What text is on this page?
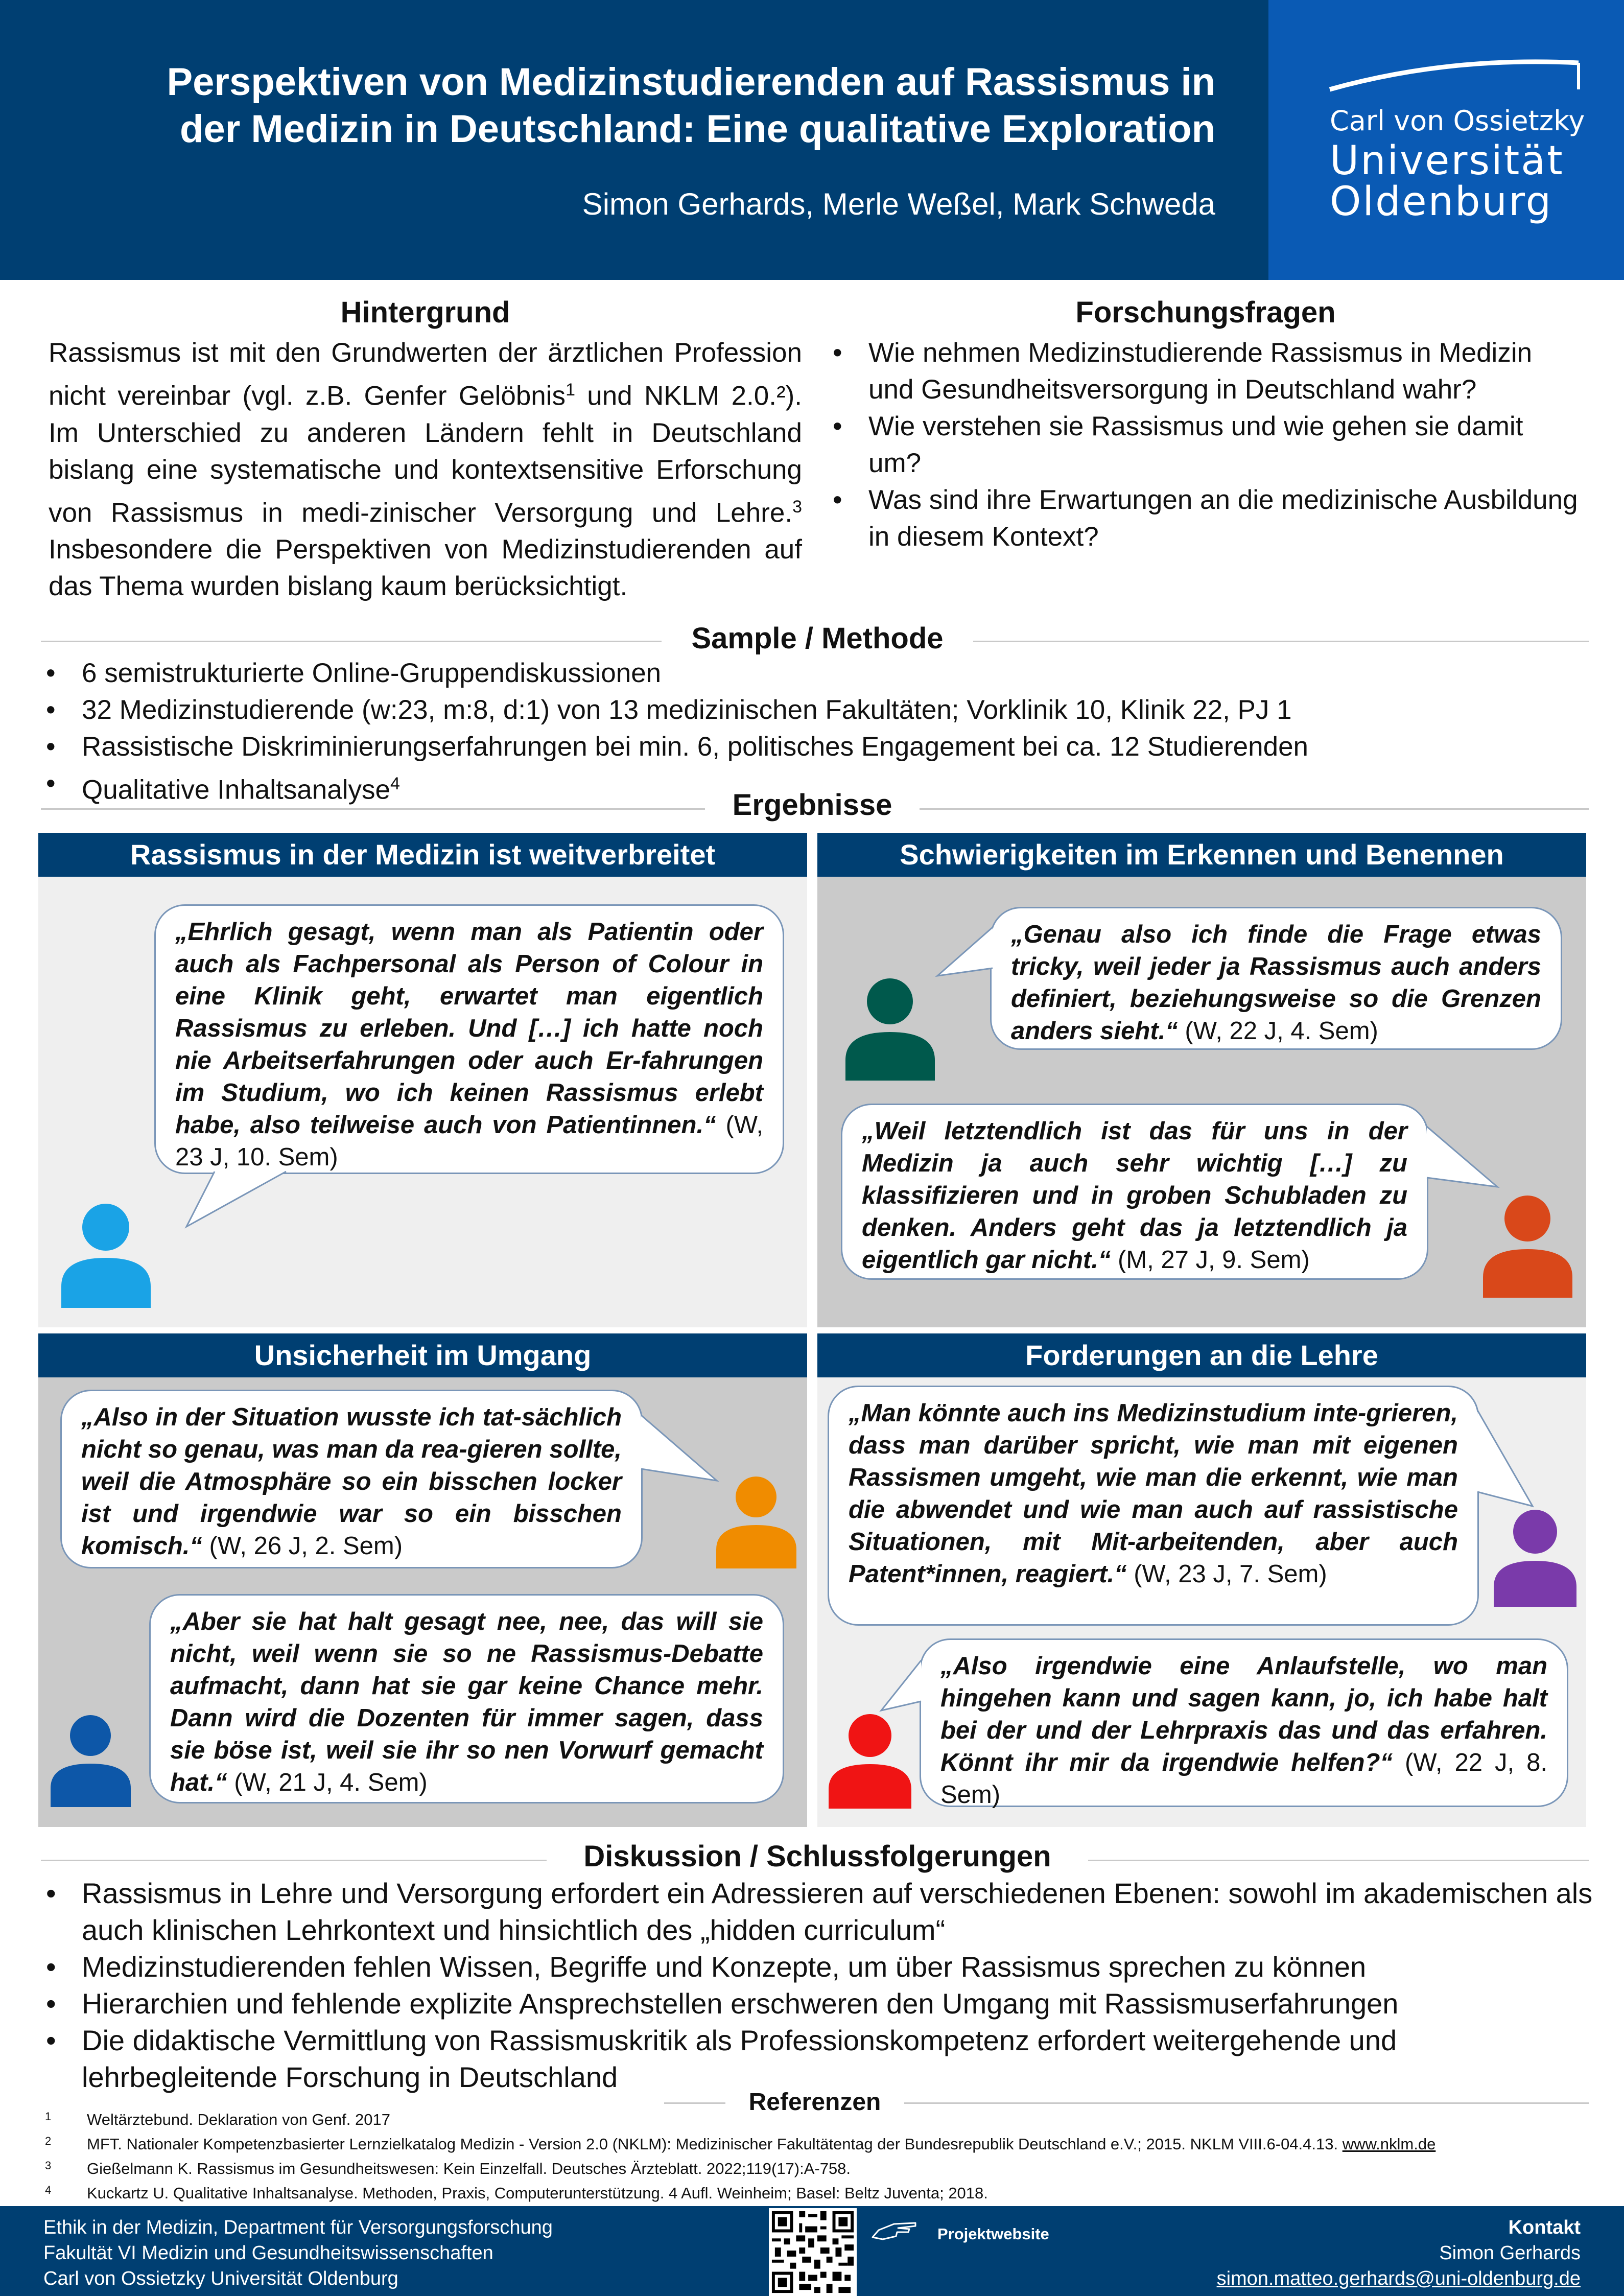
Perspektiven von Medizinstudierenden auf Rassismus in
der Medizin in Deutschland: Eine qualitative Exploration
Simon Gerhards, Merle Weßel, Mark Schweda
Carl von Ossietzky
Universität
Oldenburg
Hintergrund
Rassismus ist mit den Grundwerten der ärztlichen Profession nicht vereinbar (vgl. z.B. Genfer Gelöbnis$^1$ und NKLM 2.0.²). Im Unterschied zu anderen Ländern fehlt in Deutschland bislang eine systematische und kontextsensitive Erforschung von Rassismus in medi-zinischer Versorgung und Lehre.$^3$ Insbesondere die Perspektiven von Medizinstudierenden auf das Thema wurden bislang kaum berücksichtigt.
Forschungsfragen
• Wie nehmen Medizinstudierende Rassismus in Medizin und Gesundheitsversorgung in Deutschland wahr?
• Wie verstehen sie Rassismus und wie gehen sie damit um?
• Was sind ihre Erwartungen an die medizinische Ausbildung in diesem Kontext?
Sample / Methode
• 6 semistrukturierte Online-Gruppendiskussionen
• 32 Medizinstudierende (w:23, m:8, d:1) von 13 medizinischen Fakultäten; Vorklinik 10, Klinik 22, PJ 1
• Rassistische Diskriminierungserfahrungen bei min. 6, politisches Engagement bei ca. 12 Studierenden
• Qualitative Inhaltsanalyse$^4$
Ergebnisse
Rassismus in der Medizin ist weitverbreitet
„Ehrlich gesagt, wenn man als Patientin oder auch als Fachpersonal als Person of Colour in eine Klinik geht, erwartet man eigentlich Rassismus zu erleben. Und […] ich hatte noch nie Arbeitserfahrungen oder auch Er-fahrungen im Studium, wo ich keinen Rassismus erlebt habe, also teilweise auch von Patientinnen.“ (W, 23 J, 10. Sem)
Schwierigkeiten im Erkennen und Benennen
„Genau also ich finde die Frage etwas tricky, weil jeder ja Rassismus auch anders definiert, beziehungsweise so die Grenzen anders sieht.“ (W, 22 J, 4. Sem)
„Weil letztendlich ist das für uns in der Medizin ja auch sehr wichtig […] zu klassifizieren und in groben Schubladen zu denken. Anders geht das ja letztendlich ja eigentlich gar nicht.“ (M, 27 J, 9. Sem)
Unsicherheit im Umgang
„Also in der Situation wusste ich tat-sächlich nicht so genau, was man da rea-gieren sollte, weil die Atmosphäre so ein bisschen locker ist und irgendwie war so ein bisschen komisch.“ (W, 26 J, 2. Sem)
„Aber sie hat halt gesagt nee, nee, das will sie nicht, weil wenn sie so ne Rassismus-Debatte aufmacht, dann hat sie gar keine Chance mehr. Dann wird die Dozenten für immer sagen, dass sie böse ist, weil sie ihr so nen Vorwurf gemacht hat.“ (W, 21 J, 4. Sem)
Forderungen an die Lehre
„Man könnte auch ins Medizinstudium inte-grieren, dass man darüber spricht, wie man mit eigenen Rassismen umgeht, wie man die erkennt, wie man die abwendet und wie man auch auf rassistische Situationen, mit Mit-arbeitenden, aber auch Patent*innen, reagiert.“ (W, 23 J, 7. Sem)
„Also irgendwie eine Anlaufstelle, wo man hingehen kann und sagen kann, jo, ich habe halt bei der und der Lehrpraxis das und das erfahren. Könnt ihr mir da irgendwie helfen?“ (W, 22 J, 8. Sem)
Diskussion / Schlussfolgerungen
• Rassismus in Lehre und Versorgung erfordert ein Adressieren auf verschiedenen Ebenen: sowohl im akademischen als auch klinischen Lehrkontext und hinsichtlich des „hidden curriculum“
• Medizinstudierenden fehlen Wissen, Begriffe und Konzepte, um über Rassismus sprechen zu können
• Hierarchien und fehlende explizite Ansprechstellen erschweren den Umgang mit Rassismuserfahrungen
• Die didaktische Vermittlung von Rassismuskritik als Professionskompetenz erfordert weitergehende und lehrbegleitende Forschung in Deutschland
Referenzen
1 Weltärztebund. Deklaration von Genf. 2017
2 MFT. Nationaler Kompetenzbasierter Lernzielkatalog Medizin - Version 2.0 (NKLM): Medizinischer Fakultätentag der Bundesrepublik Deutschland e.V.; 2015. NKLM VIII.6-04.4.13. www.nklm.de
3 Gießelmann K. Rassismus im Gesundheitswesen: Kein Einzelfall. Deutsches Ärzteblatt. 2022;119(17):A-758.
4 Kuckartz U. Qualitative Inhaltsanalyse. Methoden, Praxis, Computerunterstützung. 4 Aufl. Weinheim; Basel: Beltz Juventa; 2018.
Ethik in der Medizin, Department für Versorgungsforschung
Fakultät VI Medizin und Gesundheitswissenschaften
Carl von Ossietzky Universität Oldenburg
Projektwebsite	Kontakt
Simon Gerhards
simon.matteo.gerhards@uni-oldenburg.de
